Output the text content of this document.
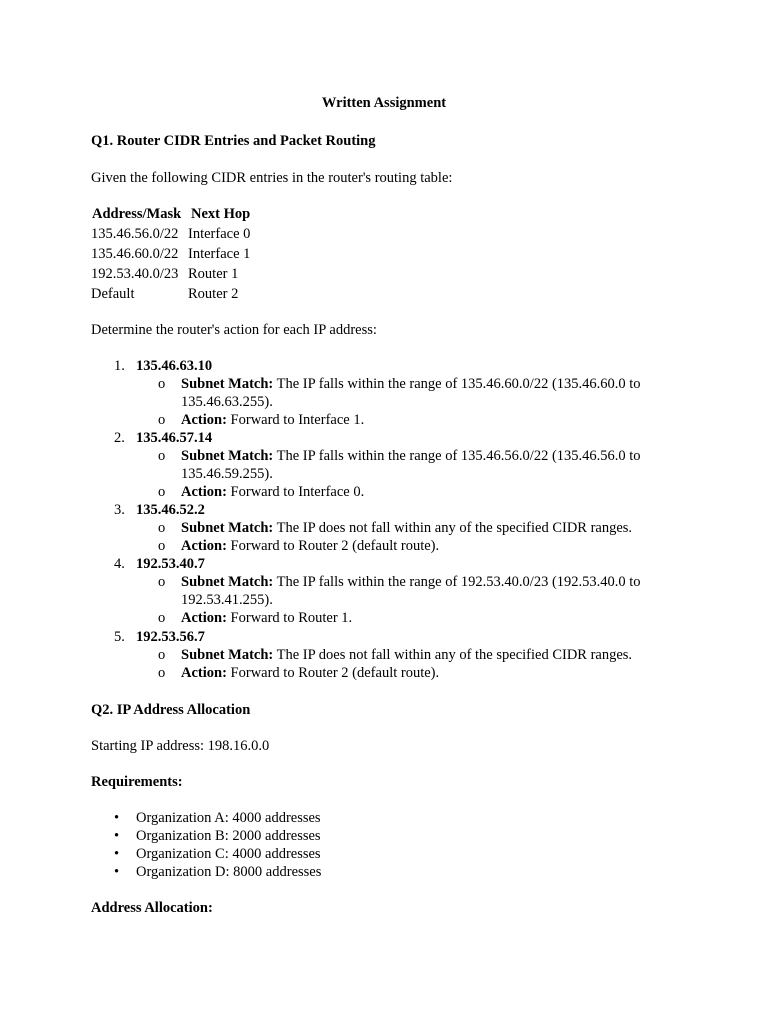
Written Assignment
Q1. Router CIDR Entries and Packet Routing
Given the following CIDR entries in the router's routing table:
Address/Mask Next Hop
135.46.56.0/22 Interface 0
135.46.60.0/22 Interface 1
192.53.40.0/23 Router 1
Default	Router 2
Determine the router's action for each IP address:
1. 135.46.63.10
o Subnet Match: The IP falls within the range of 135.46.60.0/22 (135.46.60.0 to
135.46.63.255).
o Action: Forward to Interface 1.
2. 135.46.57.14
o Subnet Match: The IP falls within the range of 135.46.56.0/22 (135.46.56.0 to
135.46.59.255).
o Action: Forward to Interface 0.
3. 135.46.52.2
o Subnet Match: The IP does not fall within any of the specified CIDR ranges.
o Action: Forward to Router 2 (default route).
4. 192.53.40.7
o Subnet Match: The IP falls within the range of 192.53.40.0/23 (192.53.40.0 to
192.53.41.255).
o Action: Forward to Router 1.
5. 192.53.56.7
o Subnet Match: The IP does not fall within any of the specified CIDR ranges.
o Action: Forward to Router 2 (default route).
Q2. IP Address Allocation
Starting IP address: 198.16.0.0
Requirements:
• Organization A: 4000 addresses
• Organization B: 2000 addresses
• Organization C: 4000 addresses
• Organization D: 8000 addresses
Address Allocation:
